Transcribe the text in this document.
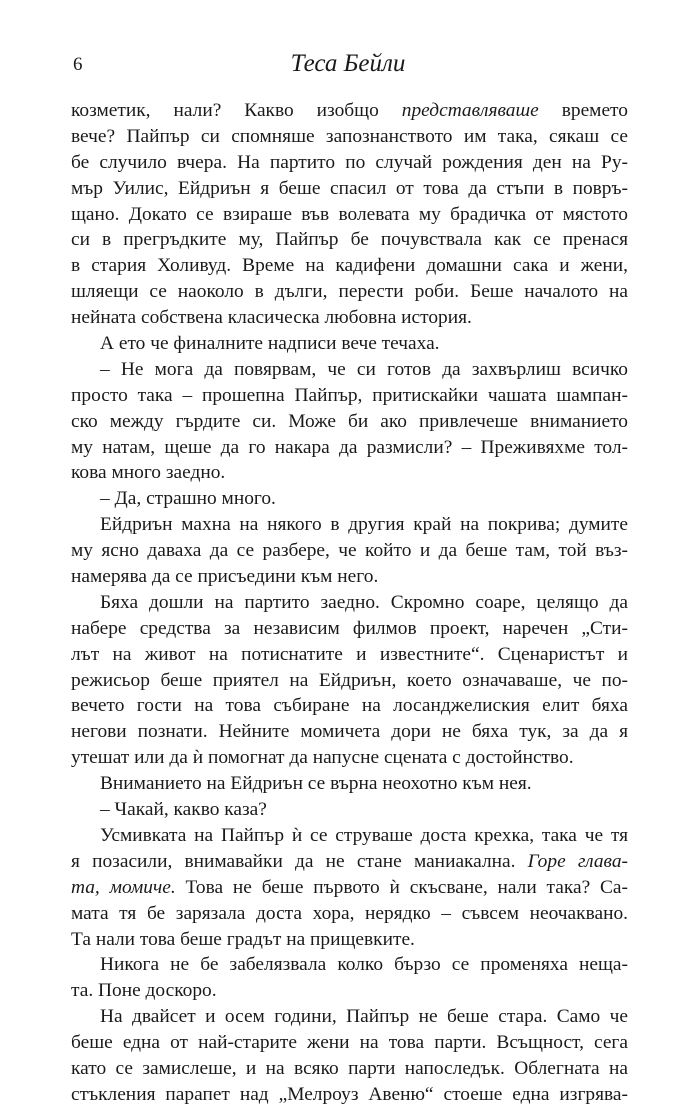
6	Теса Бейли
козметик, нали? Какво изобщо представляваше времето
вече? Пайпър си спомняше запознанството им така, сякаш се
бе случило вчера. На партито по случай рождения ден на Ру-
мър Уилис, Ейдриън я беше спасил от това да стъпи в повръ-
щано. Докато се взираше във волевата му брадичка от мястото
си в прегръдките му, Пайпър бе почувствала как се пренася
в стария Холивуд. Време на кадифени домашни сака и жени,
шляещи се наоколо в дълги, перести роби. Беше началото на
нейната собствена класическа любовна история.
А ето че финалните надписи вече течаха.
– Не мога да повярвам, че си готов да захвърлиш всичко
просто така – прошепна Пайпър, притискайки чашата шампан-
ско между гърдите си. Може би ако привлечеше вниманието
му натам, щеше да го накара да размисли? – Преживяхме тол-
кова много заедно.
– Да, страшно много.
Ейдриън махна на някого в другия край на покрива; думите
му ясно даваха да се разбере, че който и да беше там, той въз-
намерява да се присъедини към него.
Бяха дошли на партито заедно. Скромно соаре, целящо да
набере средства за независим филмов проект, наречен „Сти-
лът на живот на потиснатите и известните“. Сценаристът и
режисьор беше приятел на Ейдриън, което означаваше, че по-
вечето гости на това събиране на лосанджелиския елит бяха
негови познати. Нейните момичета дори не бяха тук, за да я
утешат или да ѝ помогнат да напусне сцената с достойнство.
Вниманието на Ейдриън се върна неохотно към нея.
– Чакай, какво каза?
Усмивката на Пайпър ѝ се струваше доста крехка, така че тя
я позасили, внимавайки да не стане маниакална. Горе глава-
та, момиче. Това не беше първото ѝ скъсване, нали така? Са-
мата тя бе зарязала доста хора, нерядко – съвсем неочаквано.
Та нали това беше градът на прищевките.
Никога не бе забелязвала колко бързо се променяха неща-
та. Поне доскоро.
На двайсет и осем години, Пайпър не беше стара. Само че
беше една от най-старите жени на това парти. Всъщност, сега
като се замислеше, и на всяко парти напоследък. Облегната на
стъкления парапет над „Мелроуз Авеню“ стоеше една изгрява-
